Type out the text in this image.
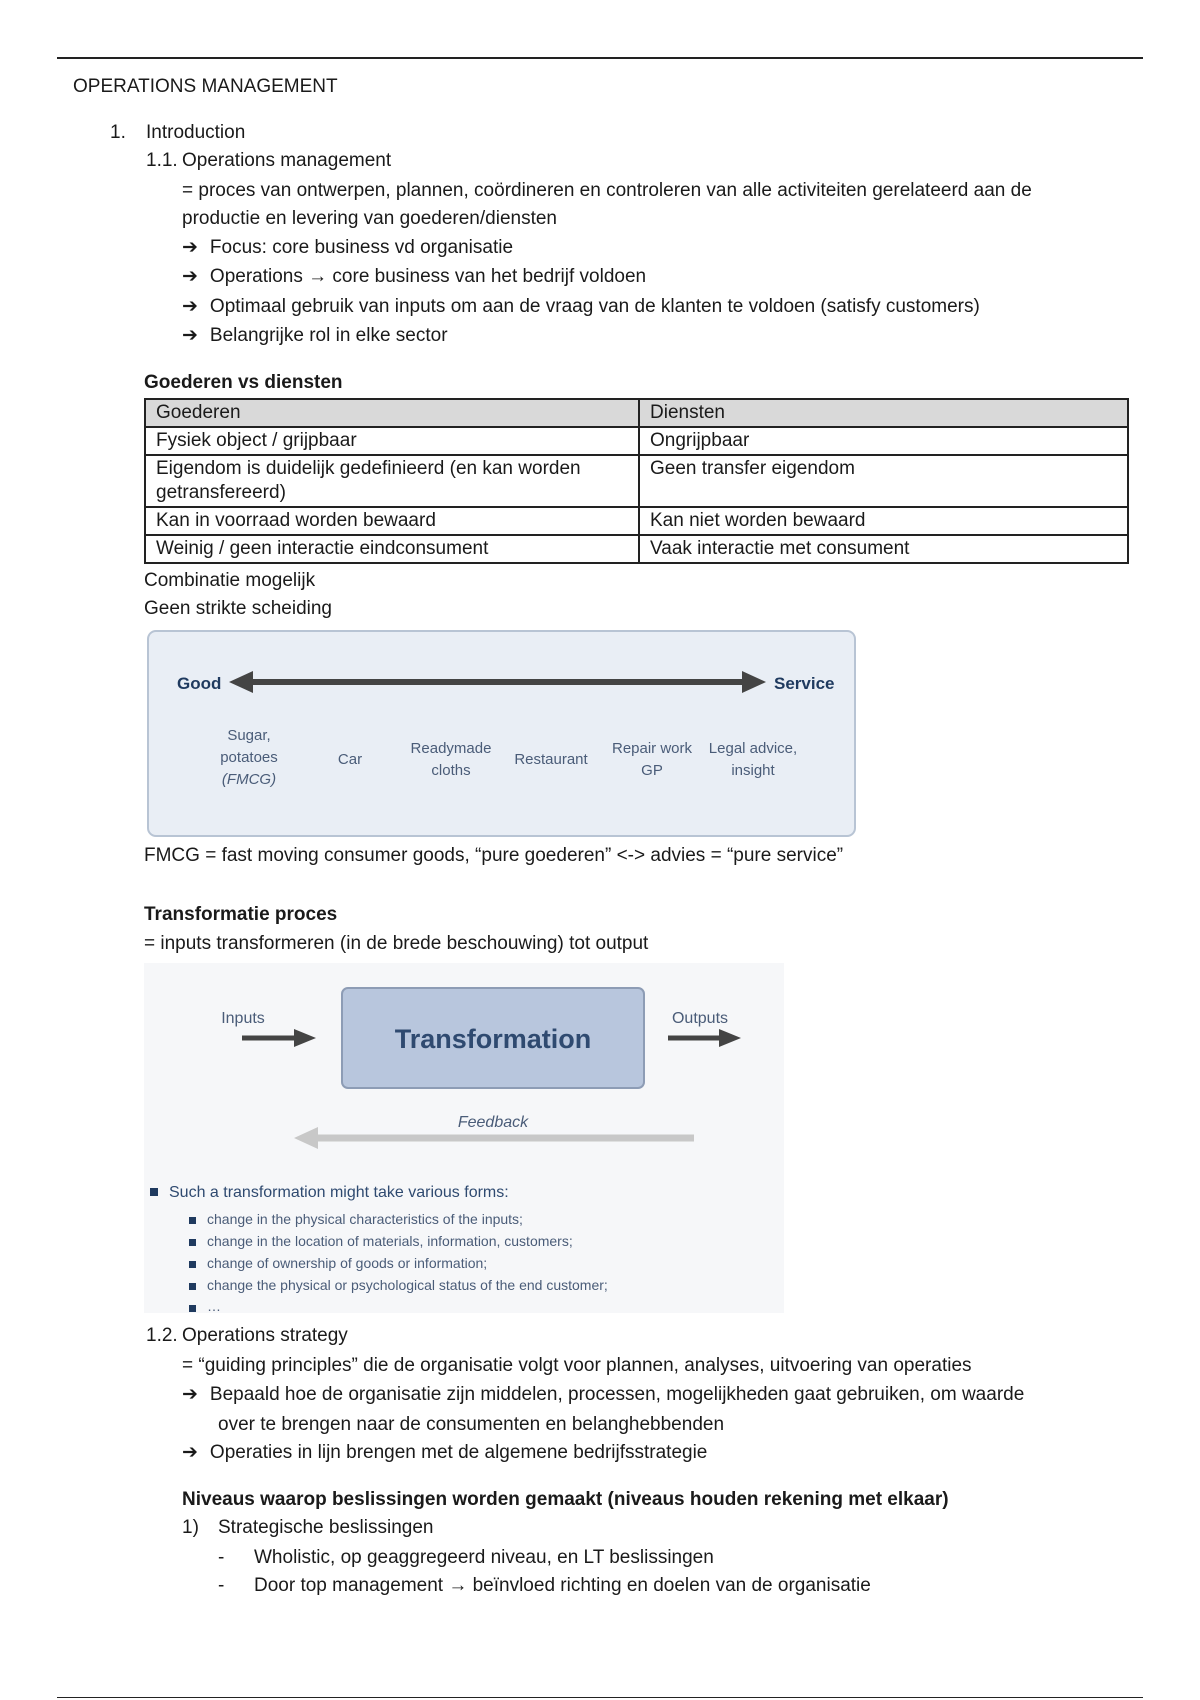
OPERATIONS MANAGEMENT
1. Introduction
1.1. Operations management
= proces van ontwerpen, plannen, coördineren en controleren van alle activiteiten gerelateerd aan de
productie en levering van goederen/diensten
➔ Focus: core business vd organisatie
➔ Operations → core business van het bedrijf voldoen
➔ Optimaal gebruik van inputs om aan de vraag van de klanten te voldoen (satisfy customers)
➔ Belangrijke rol in elke sector
Goederen vs diensten
Goederen	Diensten
Fysiek object / grijpbaar	Ongrijpbaar
Eigendom is duidelijk gedefinieerd (en kan worden getransfereerd)	Geen transfer eigendom
Kan in voorraad worden bewaard	Kan niet worden bewaard
Weinig / geen interactie eindconsument	Vaak interactie met consument
Combinatie mogelijk
Geen strikte scheiding
Good	Service
Sugar,
potatoes
(FMCG)
Car
Readymade
cloths
Restaurant
Repair work
GP
Legal advice,
insight
FMCG = fast moving consumer goods, “pure goederen” <-> advies = “pure service”
Transformatie proces
= inputs transformeren (in de brede beschouwing) tot output
Inputs
Transformation
Outputs
Feedback
Such a transformation might take various forms:
change in the physical characteristics of the inputs;
change in the location of materials, information, customers;
change of ownership of goods or information;
change the physical or psychological status of the end customer;
…
1.2. Operations strategy
= “guiding principles” die de organisatie volgt voor plannen, analyses, uitvoering van operaties
➔ Bepaald hoe de organisatie zijn middelen, processen, mogelijkheden gaat gebruiken, om waarde
over te brengen naar de consumenten en belanghebbenden
➔ Operaties in lijn brengen met de algemene bedrijfsstrategie
Niveaus waarop beslissingen worden gemaakt (niveaus houden rekening met elkaar)
1) Strategische beslissingen
- Wholistic, op geaggregeerd niveau, en LT beslissingen
- Door top management → beïnvloed richting en doelen van de organisatie
